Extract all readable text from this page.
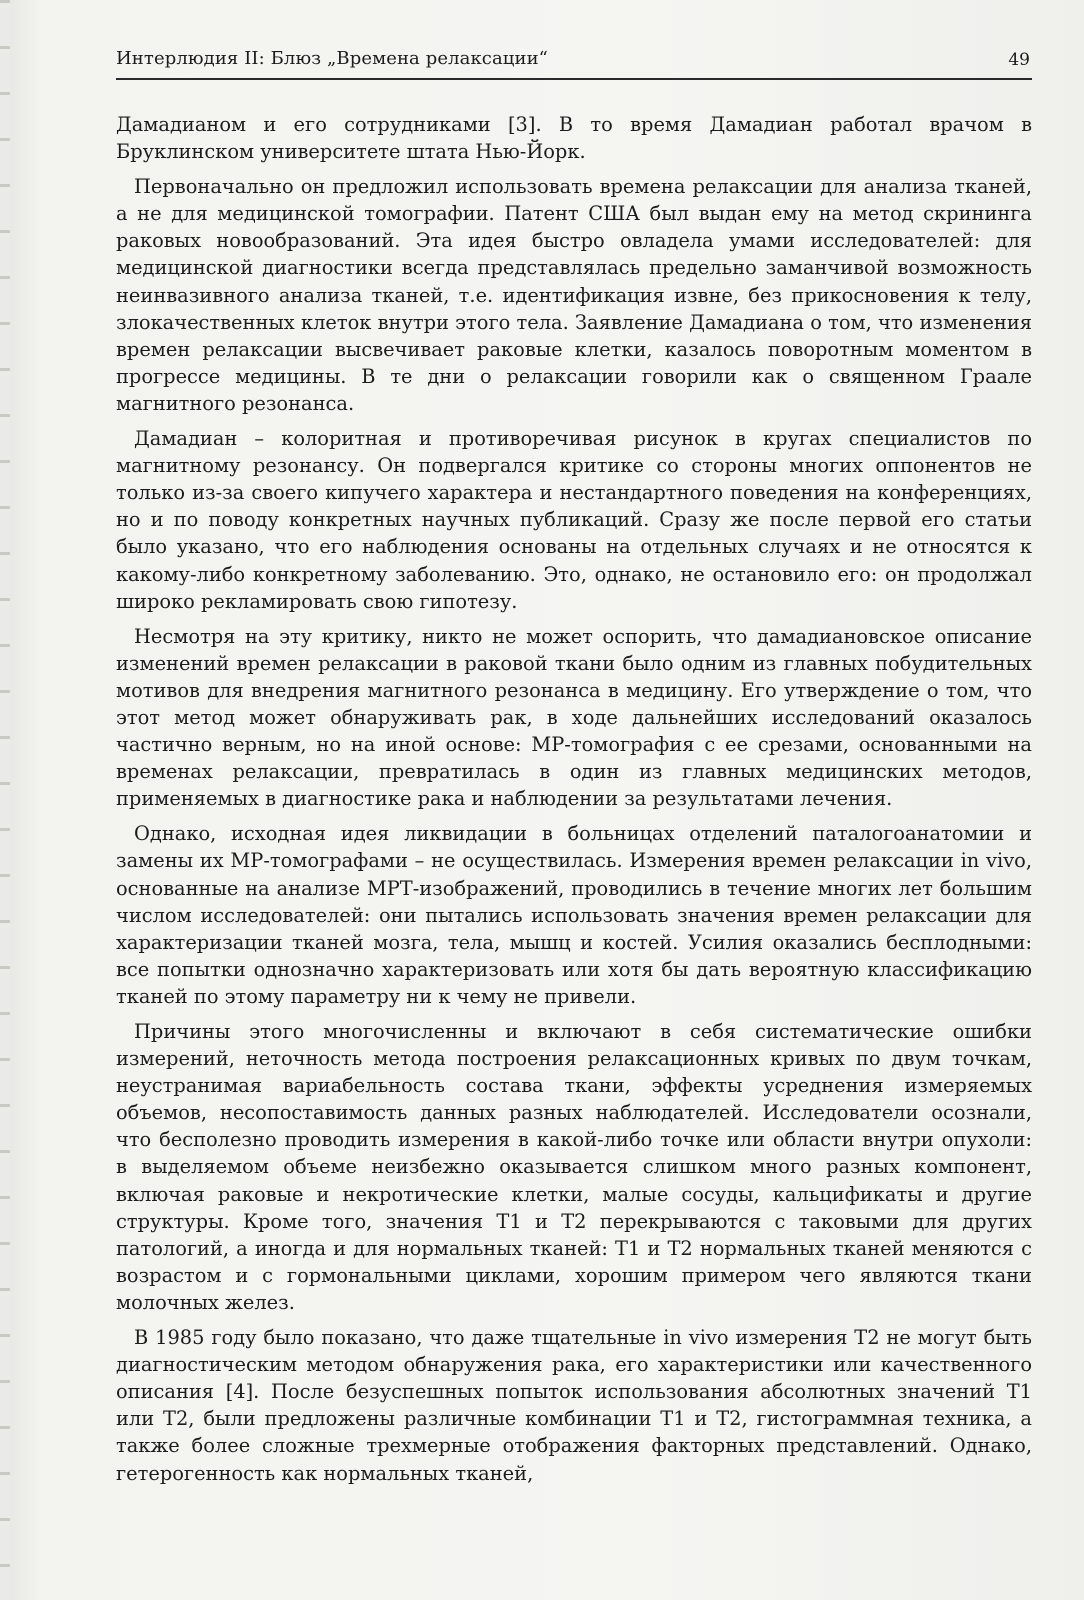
Интерлюдия II: Блюз „Времена релаксации“	49

Дамадианом и его сотрудниками [3]. В то время Дамадиан работал врачом в Бруклинском университете штата Нью-Йорк.

Первоначально он предложил использовать времена релаксации для анализа тканей, а не для медицинской томографии. Патент США был выдан ему на метод скрининга раковых новообразований. Эта идея быстро овладела умами исследователей: для медицинской диагностики всегда представлялась предельно заманчивой возможность неинвазивного анализа тканей, т.е. идентификация извне, без прикосновения к телу, злокачественных клеток внутри этого тела. Заявление Дамадиана о том, что изменения времен релаксации высвечивает раковые клетки, казалось поворотным моментом в прогрессе медицины. В те дни о релаксации говорили как о священном Граале магнитного резонанса.

Дамадиан – колоритная и противоречивая рисунок в кругах специалистов по магнитному резонансу. Он подвергался критике со стороны многих оппонентов не только из-за своего кипучего характера и нестандартного поведения на конференциях, но и по поводу конкретных научных публикаций. Сразу же после первой его статьи было указано, что его наблюдения основаны на отдельных случаях и не относятся к какому-либо конкретному заболеванию. Это, однако, не остановило его: он продолжал широко рекламировать свою гипотезу.

Несмотря на эту критику, никто не может оспорить, что дамадиановское описание изменений времен релаксации в раковой ткани было одним из главных побудительных мотивов для внедрения магнитного резонанса в медицину. Его утверждение о том, что этот метод может обнаруживать рак, в ходе дальнейших исследований оказалось частично верным, но на иной основе: МР-томография с ее срезами, основанными на временах релаксации, превратилась в один из главных медицинских методов, применяемых в диагностике рака и наблюдении за результатами лечения.

Однако, исходная идея ликвидации в больницах отделений паталогоанатомии и замены их МР-томографами – не осуществилась. Измерения времен релаксации in vivo, основанные на анализе МРТ-изображений, проводились в течение многих лет большим числом исследователей: они пытались использовать значения времен релаксации для характеризации тканей мозга, тела, мышц и костей. Усилия оказались бесплодными: все попытки однозначно характеризовать или хотя бы дать вероятную классификацию тканей по этому параметру ни к чему не привели.

Причины этого многочисленны и включают в себя систематические ошибки измерений, неточность метода построения релаксационных кривых по двум точкам, неустранимая вариабельность состава ткани, эффекты усреднения измеряемых объемов, несопоставимость данных разных наблюдателей. Исследователи осознали, что бесполезно проводить измерения в какой-либо точке или области внутри опухоли: в выделяемом объеме неизбежно оказывается слишком много разных компонент, включая раковые и некротические клетки, малые сосуды, кальцификаты и другие структуры. Кроме того, значения Т1 и Т2 перекрываются с таковыми для других патологий, а иногда и для нормальных тканей: Т1 и Т2 нормальных тканей меняются с возрастом и с гормональными циклами, хорошим примером чего являются ткани молочных желез.

В 1985 году было показано, что даже тщательные in vivo измерения Т2 не могут быть диагностическим методом обнаружения рака, его характеристики или качественного описания [4]. После безуспешных попыток использования абсолютных значений Т1 или Т2, были предложены различные комбинации Т1 и Т2, гистограммная техника, а также более сложные трехмерные отображения факторных представлений. Однако, гетерогенность как нормальных тканей,
